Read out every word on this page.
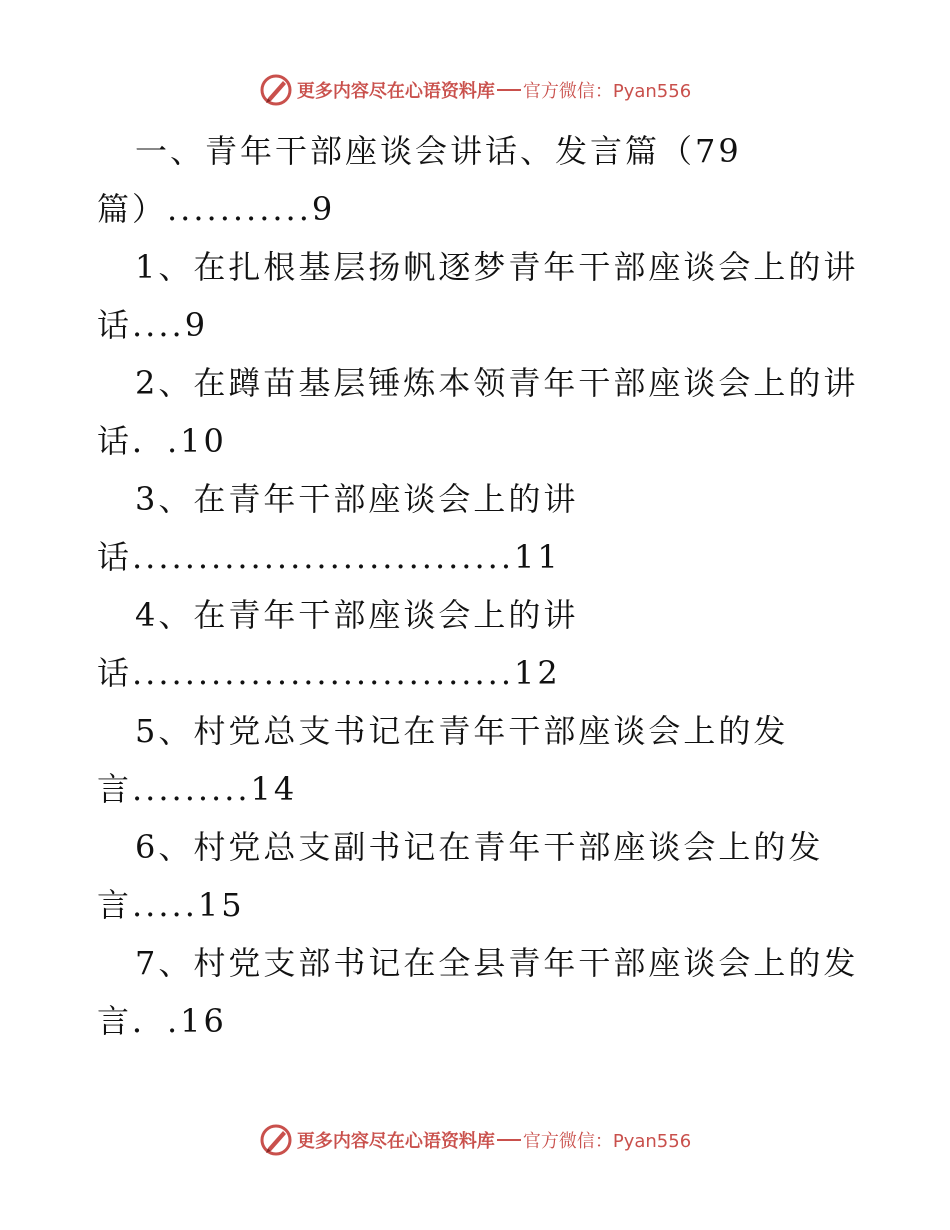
更多内容尽在心语资料库 官方微信：Pyan556
一、青年干部座谈会讲话、发言篇（79
篇）...........9
1、在扎根基层扬帆逐梦青年干部座谈会上的讲
话....9
2、在蹲苗基层锤炼本领青年干部座谈会上的讲
话．.10
3、在青年干部座谈会上的讲
话.............................11
4、在青年干部座谈会上的讲
话.............................12
5、村党总支书记在青年干部座谈会上的发
言.........14
6、村党总支副书记在青年干部座谈会上的发
言.....15
7、村党支部书记在全县青年干部座谈会上的发
言．.16
更多内容尽在心语资料库 官方微信：Pyan556
